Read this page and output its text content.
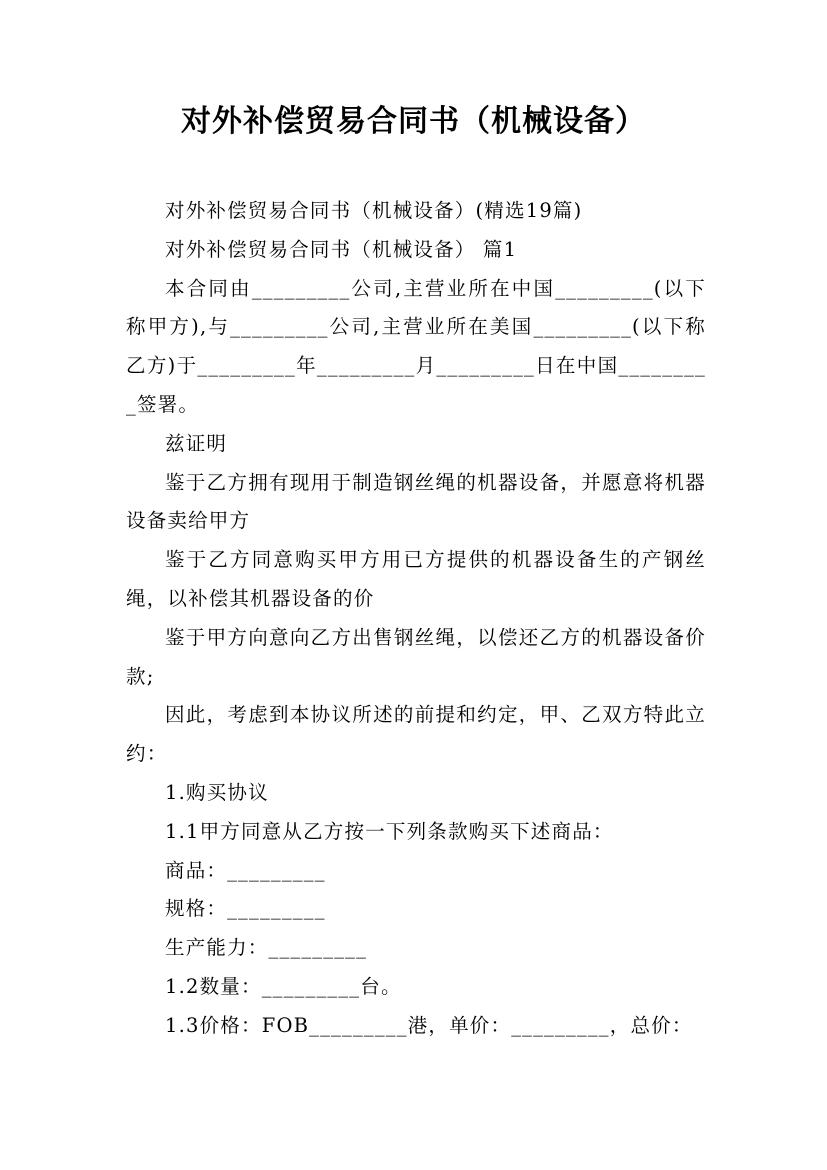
对外补偿贸易合同书（机械设备）

对外补偿贸易合同书（机械设备）(精选19篇)

对外补偿贸易合同书（机械设备） 篇1

本合同由_________公司,主营业所在中国_________(以下称甲方),与_________公司,主营业所在美国_________(以下称乙方)于_________年_________月_________日在中国_________签署。

兹证明

鉴于乙方拥有现用于制造钢丝绳的机器设备，并愿意将机器设备卖给甲方

鉴于乙方同意购买甲方用已方提供的机器设备生的产钢丝绳，以补偿其机器设备的价

鉴于甲方向意向乙方出售钢丝绳，以偿还乙方的机器设备价款;

因此，考虑到本协议所述的前提和约定，甲、乙双方特此立约：

1.购买协议

1.1甲方同意从乙方按一下列条款购买下述商品：

商品：_________

规格：_________

生产能力：_________

1.2数量：_________台。

1.3价格：FOB_________港，单价：_________，总价：
